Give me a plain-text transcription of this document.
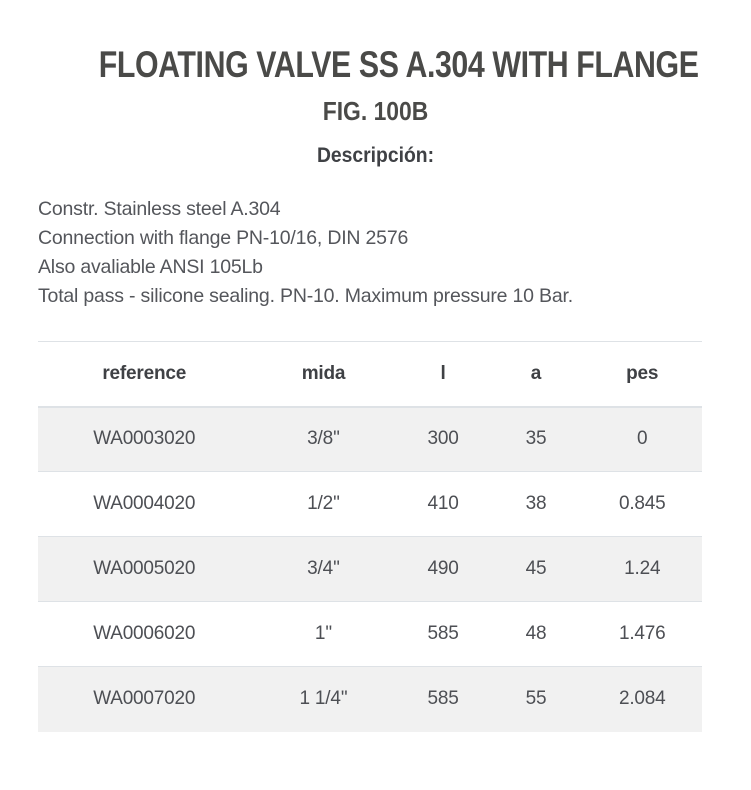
FLOATING VALVE SS A.304 WITH FLANGE
FIG. 100B
Descripción:

Constr. Stainless steel A.304

Connection with flange PN-10/16, DIN 2576

Also avaliable ANSI 105Lb

Total pass - silicone sealing. PN-10. Maximum pressure 10 Bar.

reference	mida	l	a	pes
WA0003020	3/8''	300	35	0
WA0004020	1/2''	410	38	0.845
WA0005020	3/4''	490	45	1.24
WA0006020	1''	585	48	1.476
WA0007020	1 1/4''	585	55	2.084
